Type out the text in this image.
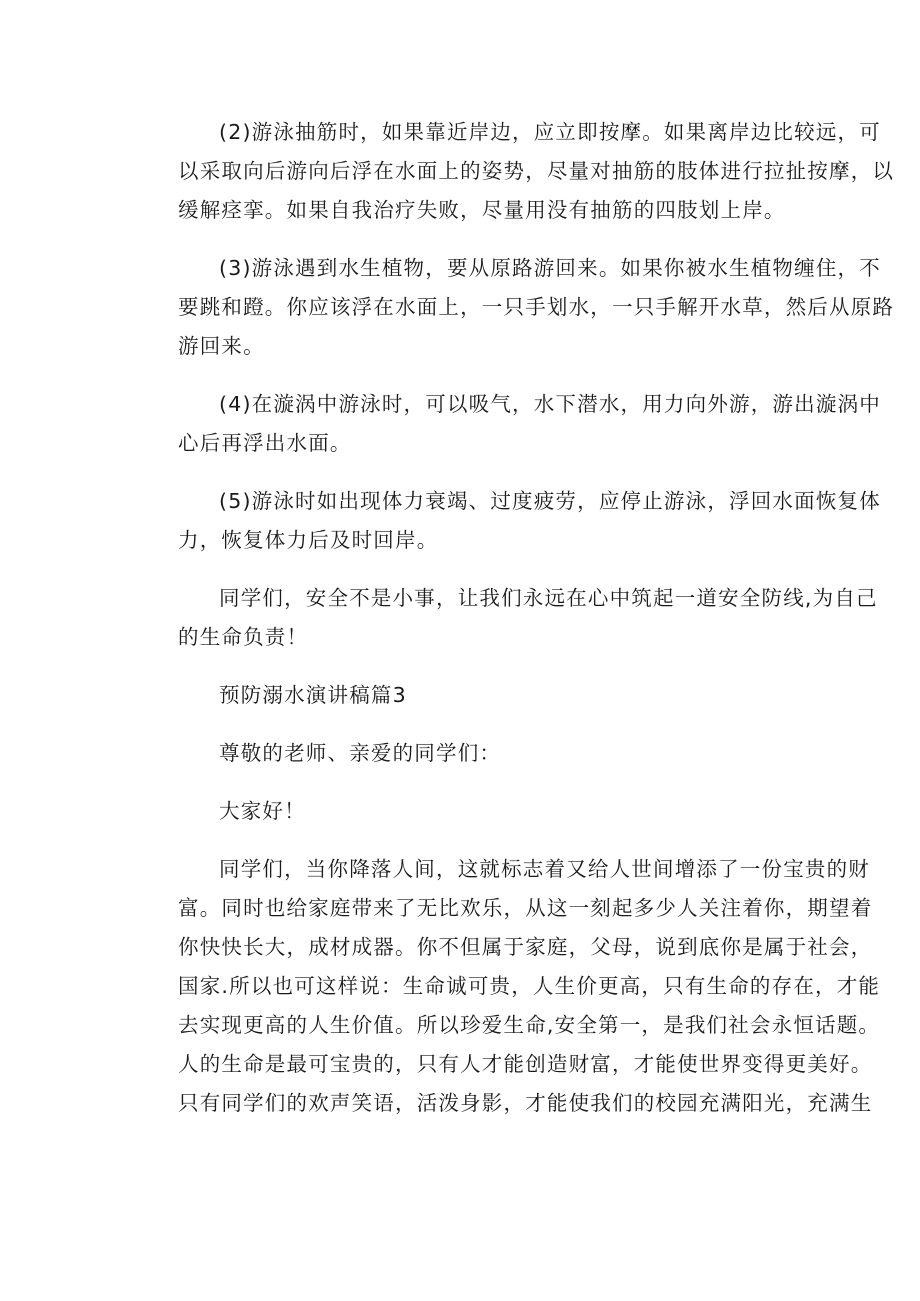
(2)游泳抽筋时，如果靠近岸边，应立即按摩。如果离岸边比较远，可
以采取向后游向后浮在水面上的姿势，尽量对抽筋的肢体进行拉扯按摩，以
缓解痉挛。如果自我治疗失败，尽量用没有抽筋的四肢划上岸。
(3)游泳遇到水生植物，要从原路游回来。如果你被水生植物缠住，不
要跳和蹬。你应该浮在水面上，一只手划水，一只手解开水草，然后从原路
游回来。
(4)在漩涡中游泳时，可以吸气，水下潜水，用力向外游，游出漩涡中
心后再浮出水面。
(5)游泳时如出现体力衰竭、过度疲劳，应停止游泳，浮回水面恢复体
力，恢复体力后及时回岸。
同学们，安全不是小事，让我们永远在心中筑起一道安全防线,为自己
的生命负责！
预防溺水演讲稿篇3
尊敬的老师、亲爱的同学们：
大家好！
同学们，当你降落人间，这就标志着又给人世间增添了一份宝贵的财
富。同时也给家庭带来了无比欢乐，从这一刻起多少人关注着你，期望着
你快快长大，成材成器。你不但属于家庭，父母，说到底你是属于社会，
国家.所以也可这样说：生命诚可贵，人生价更高，只有生命的存在，才能
去实现更高的人生价值。所以珍爱生命,安全第一，是我们社会永恒话题。
人的生命是最可宝贵的，只有人才能创造财富，才能使世界变得更美好。
只有同学们的欢声笑语，活泼身影，才能使我们的校园充满阳光，充满生
